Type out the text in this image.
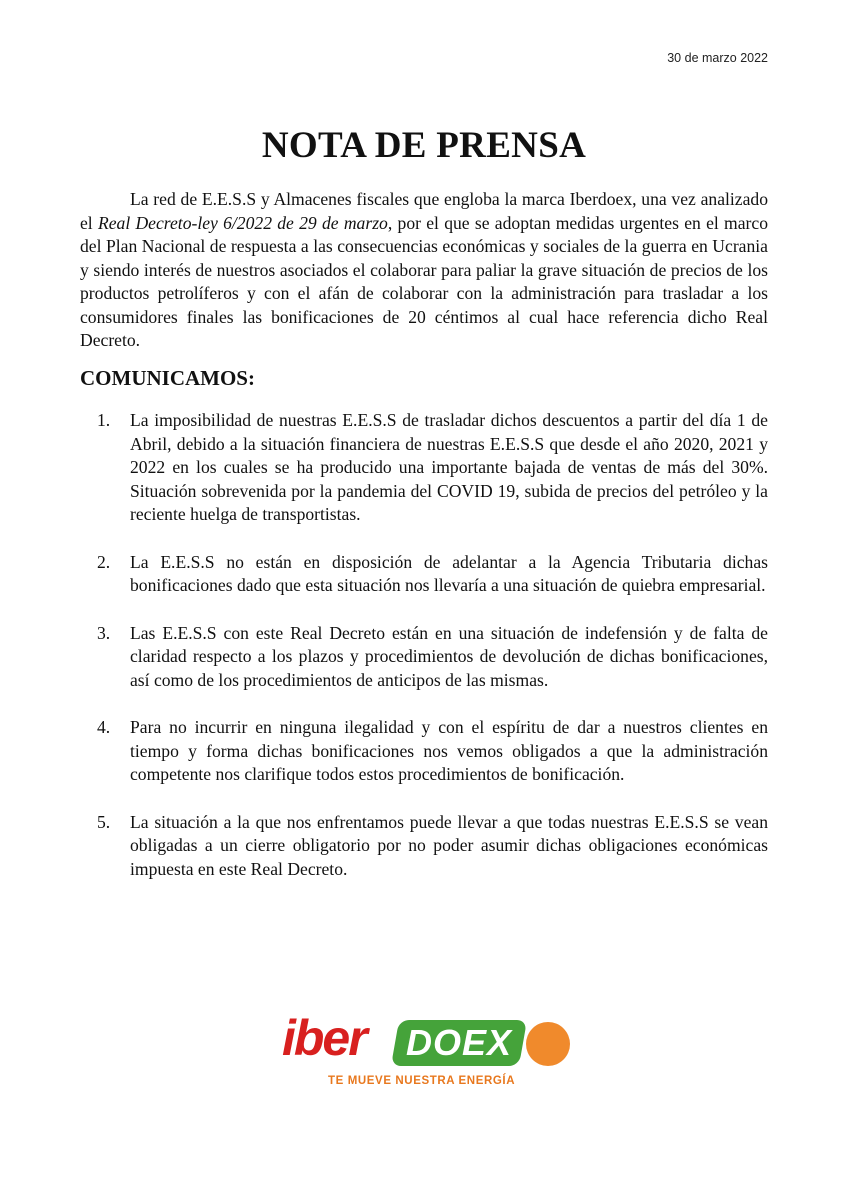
30 de marzo 2022
NOTA DE PRENSA

La red de E.E.S.S y Almacenes fiscales que engloba la marca Iberdoex, una vez analizado el Real Decreto-ley 6/2022 de 29 de marzo, por el que se adoptan medidas urgentes en el marco del Plan Nacional de respuesta a las consecuencias económicas y sociales de la guerra en Ucrania y siendo interés de nuestros asociados el colaborar para paliar la grave situación de precios de los productos petrolíferos y con el afán de colaborar con la administración para trasladar a los consumidores finales las bonificaciones de 20 céntimos al cual hace referencia dicho Real Decreto.

COMUNICAMOS:
1.	La imposibilidad de nuestras E.E.S.S de trasladar dichos descuentos a partir del día 1 de Abril, debido a la situación financiera de nuestras E.E.S.S que desde el año 2020, 2021 y 2022 en los cuales se ha producido una importante bajada de ventas de más del 30%. Situación sobrevenida por la pandemia del COVID 19, subida de precios del petróleo y la reciente huelga de transportistas.
2.	La E.E.S.S no están en disposición de adelantar a la Agencia Tributaria dichas bonificaciones dado que esta situación nos llevaría a una situación de quiebra empresarial.
3.	Las E.E.S.S con este Real Decreto están en una situación de indefensión y de falta de claridad respecto a los plazos y procedimientos de devolución de dichas bonificaciones, así como de los procedimientos de anticipos de las mismas.
4.	Para no incurrir en ninguna ilegalidad y con el espíritu de dar a nuestros clientes en tiempo y forma dichas bonificaciones nos vemos obligados a que la administración competente nos clarifique todos estos procedimientos de bonificación.
5.	La situación a la que nos enfrentamos puede llevar a que todas nuestras E.E.S.S se vean obligadas a un cierre obligatorio por no poder asumir dichas obligaciones económicas impuesta en este Real Decreto.
iber	DOEX
TE MUEVE NUESTRA ENERGÍA
